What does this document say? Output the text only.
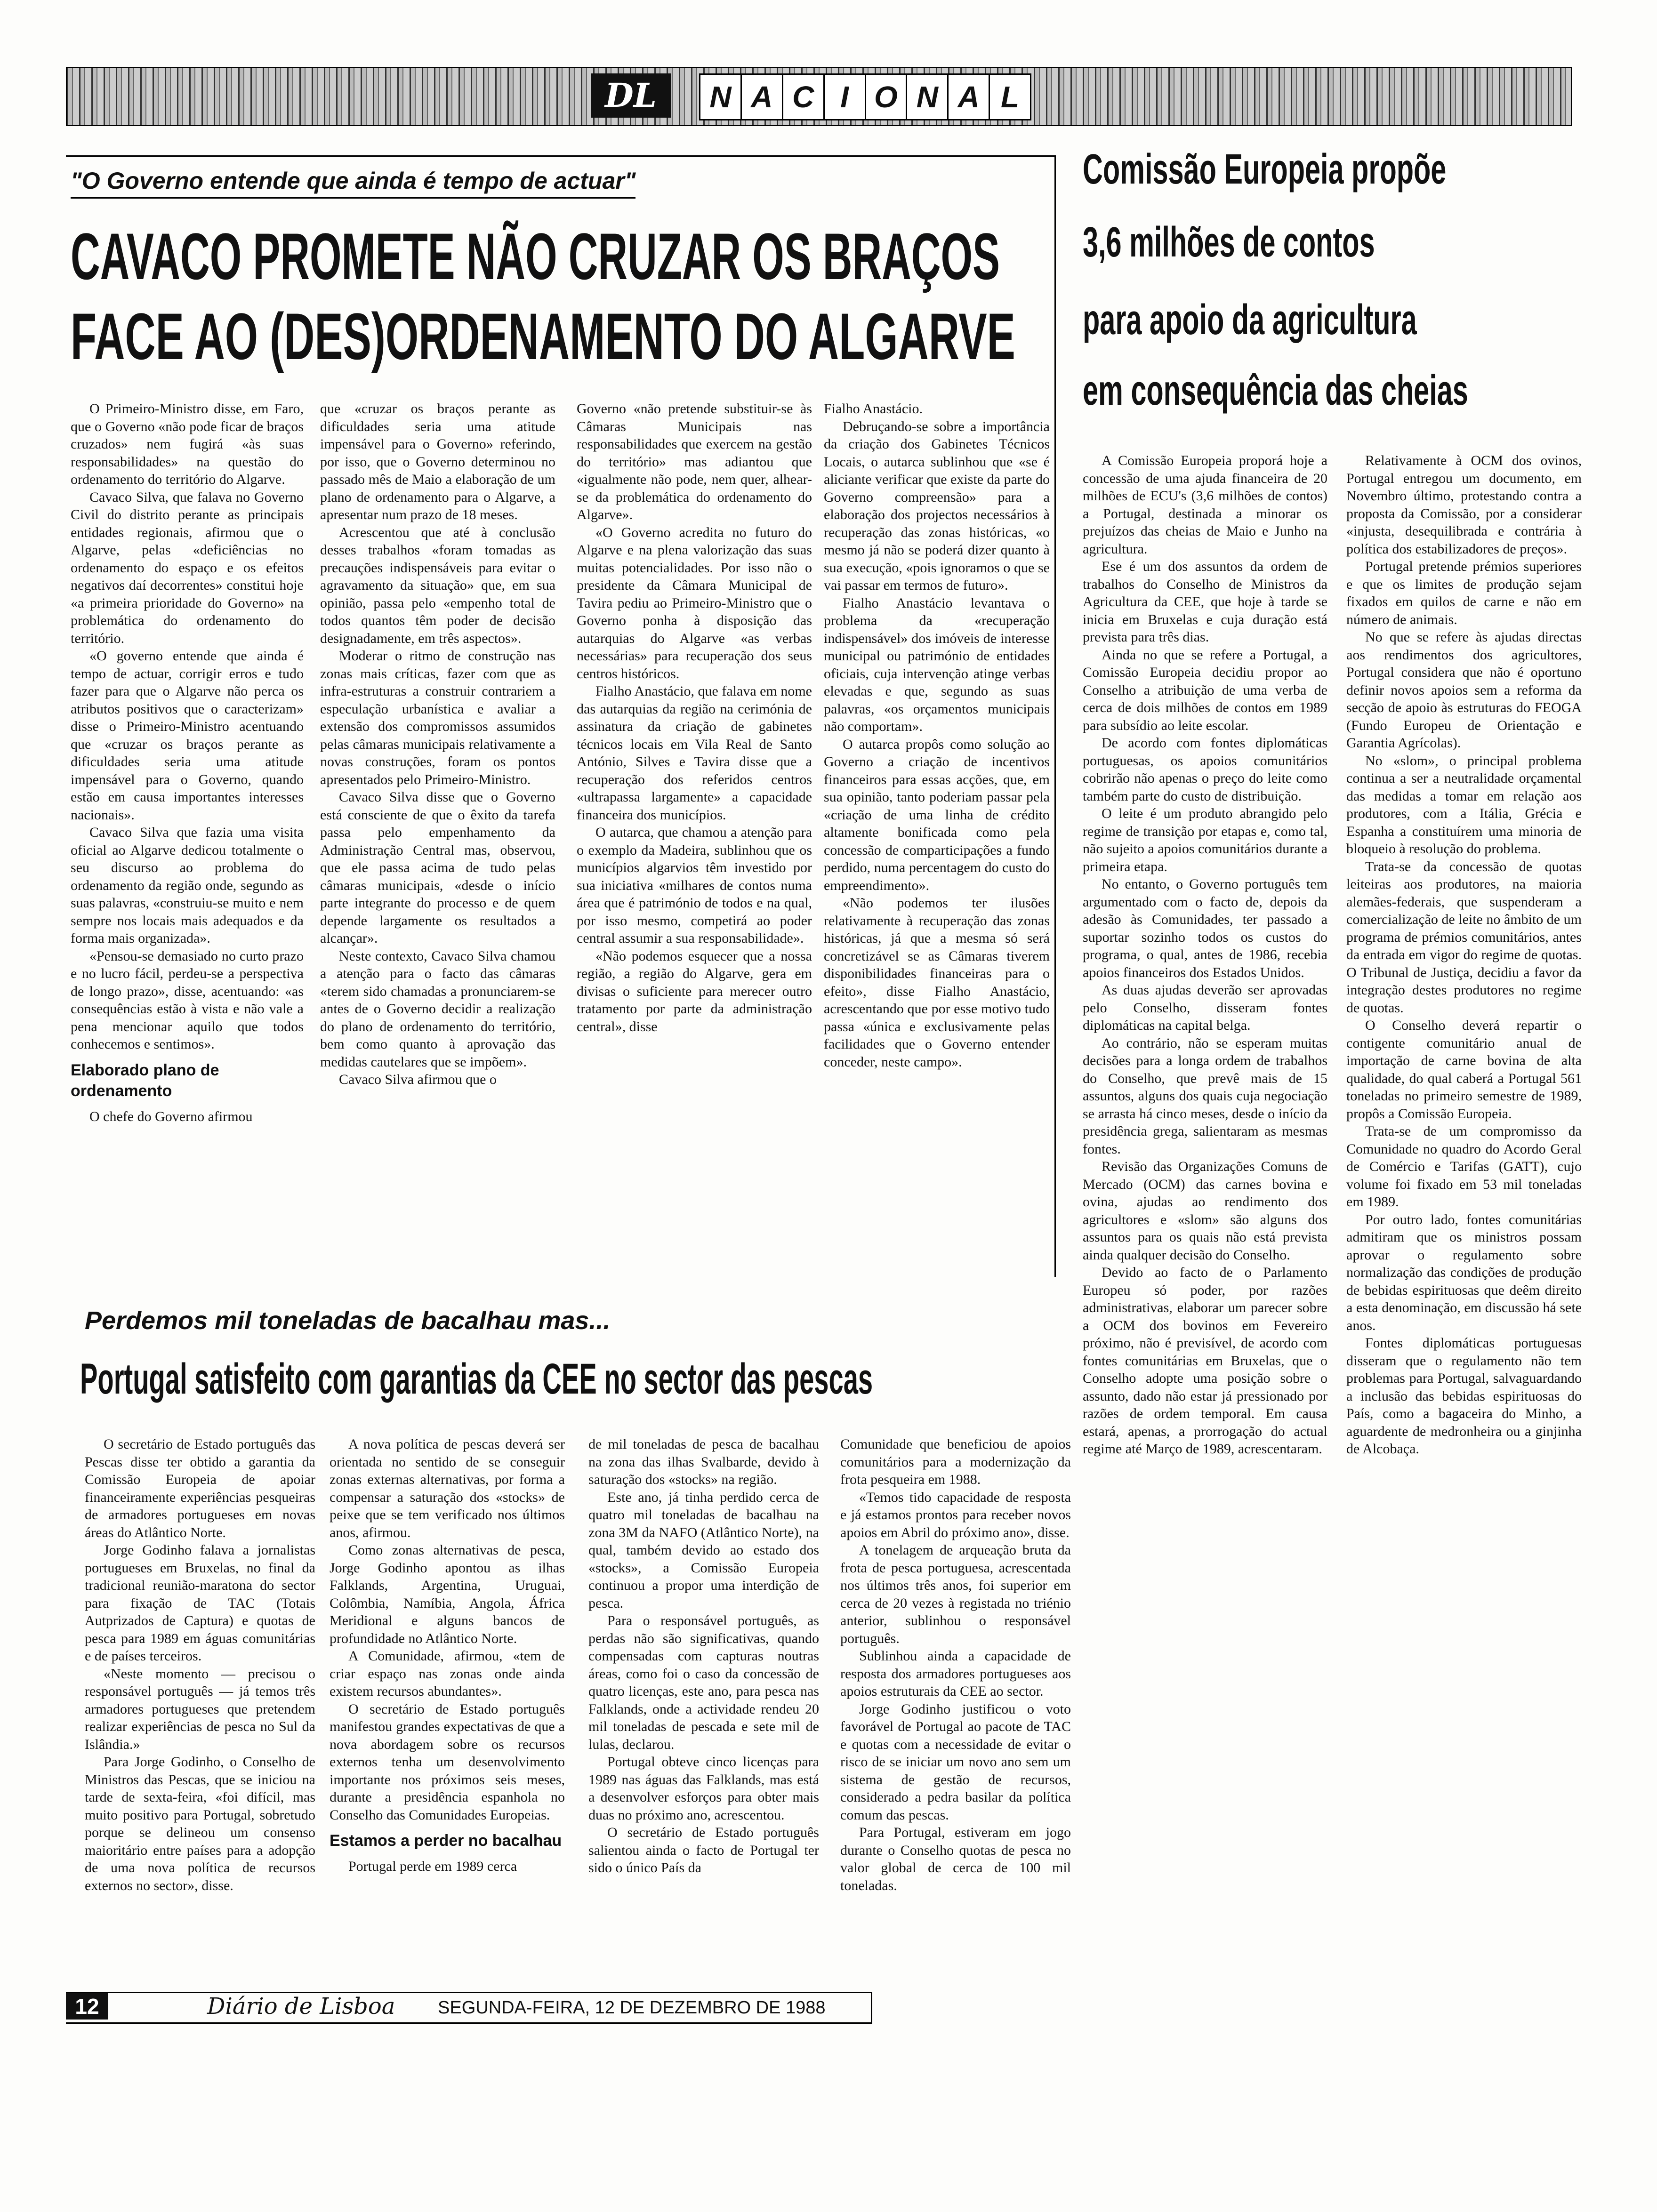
DL	N A C I O N A L
"O Governo entende que ainda é tempo de actuar"
CAVACO PROMETE NÃO CRUZAR OS BRAÇOS
FACE AO (DES)ORDENAMENTO DO ALGARVE

O Primeiro-Ministro disse, em Faro, que o Governo «não pode ficar de braços cruzados» nem fugirá «às suas responsabilidades» na questão do ordenamento do território do Algarve.

Cavaco Silva, que falava no Governo Civil do distrito perante as principais entidades regionais, afirmou que o Algarve, pelas «deficiências no ordenamento do espaço e os efeitos negativos daí decorrentes» constitui hoje «a primeira prioridade do Governo» na problemática do ordenamento do território.

«O governo entende que ainda é tempo de actuar, corrigir erros e tudo fazer para que o Algarve não perca os atributos positivos que o caracterizam» disse o Primeiro-Ministro acentuando que «cruzar os braços perante as dificuldades seria uma atitude impensável para o Governo, quando estão em causa importantes interesses nacionais».

Cavaco Silva que fazia uma visita oficial ao Algarve dedicou totalmente o seu discurso ao problema do ordenamento da região onde, segundo as suas palavras, «construiu-se muito e nem sempre nos locais mais adequados e da forma mais organizada».

«Pensou-se demasiado no curto prazo e no lucro fácil, perdeu-se a perspectiva de longo prazo», disse, acentuando: «as consequências estão à vista e não vale a pena mencionar aquilo que todos conhecemos e sentimos».

Elaborado plano de ordenamento

O chefe do Governo afirmou

que «cruzar os braços perante as dificuldades seria uma atitude impensável para o Governo» referindo, por isso, que o Governo determinou no passado mês de Maio a elaboração de um plano de ordenamento para o Algarve, a apresentar num prazo de 18 meses.

Acrescentou que até à conclusão desses trabalhos «foram tomadas as precauções indispensáveis para evitar o agravamento da situação» que, em sua opinião, passa pelo «empenho total de todos quantos têm poder de decisão designadamente, em três aspectos».

Moderar o ritmo de construção nas zonas mais críticas, fazer com que as infra-estruturas a construir contrariem a especulação urbanística e avaliar a extensão dos compromissos assumidos pelas câmaras municipais relativamente a novas construções, foram os pontos apresentados pelo Primeiro-Ministro.

Cavaco Silva disse que o Governo está consciente de que o êxito da tarefa passa pelo empenhamento da Administração Central mas, observou, que ele passa acima de tudo pelas câmaras municipais, «desde o início parte integrante do processo e de quem depende largamente os resultados a alcançar».

Neste contexto, Cavaco Silva chamou a atenção para o facto das câmaras «terem sido chamadas a pronunciarem-se antes de o Governo decidir a realização do plano de ordenamento do território, bem como quanto à aprovação das medidas cautelares que se impõem».

Cavaco Silva afirmou que o

Governo «não pretende substituir-se às Câmaras Municipais nas responsabilidades que exercem na gestão do território» mas adiantou que «igualmente não pode, nem quer, alhear-se da problemática do ordenamento do Algarve».

«O Governo acredita no futuro do Algarve e na plena valorização das suas muitas potencialidades. Por isso não o presidente da Câmara Municipal de Tavira pediu ao Primeiro-Ministro que o Governo ponha à disposição das autarquias do Algarve «as verbas necessárias» para recuperação dos seus centros históricos.

Fialho Anastácio, que falava em nome das autarquias da região na cerimónia de assinatura da criação de gabinetes técnicos locais em Vila Real de Santo António, Silves e Tavira disse que a recuperação dos referidos centros «ultrapassa largamente» a capacidade financeira dos municípios.

O autarca, que chamou a atenção para o exemplo da Madeira, sublinhou que os municípios algarvios têm investido por sua iniciativa «milhares de contos numa área que é património de todos e na qual, por isso mesmo, competirá ao poder central assumir a sua responsabilidade».

«Não podemos esquecer que a nossa região, a região do Algarve, gera em divisas o suficiente para merecer outro tratamento por parte da administração central», disse

Fialho Anastácio.

Debruçando-se sobre a importância da criação dos Gabinetes Técnicos Locais, o autarca sublinhou que «se é aliciante verificar que existe da parte do Governo compreensão» para a elaboração dos projectos necessários à recuperação das zonas históricas, «o mesmo já não se poderá dizer quanto à sua execução, «pois ignoramos o que se vai passar em termos de futuro».

Fialho Anastácio levantava o problema da «recuperação indispensável» dos imóveis de interesse municipal ou património de entidades oficiais, cuja intervenção atinge verbas elevadas e que, segundo as suas palavras, «os orçamentos municipais não comportam».

O autarca propôs como solução ao Governo a criação de incentivos financeiros para essas acções, que, em sua opinião, tanto poderiam passar pela «criação de uma linha de crédito altamente bonificada como pela concessão de comparticipações a fundo perdido, numa percentagem do custo do empreendimento».

«Não podemos ter ilusões relativamente à recuperação das zonas históricas, já que a mesma só será concretizável se as Câmaras tiverem disponibilidades financeiras para o efeito», disse Fialho Anastácio, acrescentando que por esse motivo tudo passa «única e exclusivamente pelas facilidades que o Governo entender conceder, neste campo».

Perdemos mil toneladas de bacalhau mas...
Portugal satisfeito com garantias da CEE no sector das pescas

O secretário de Estado português das Pescas disse ter obtido a garantia da Comissão Europeia de apoiar financeiramente experiências pesqueiras de armadores portugueses em novas áreas do Atlântico Norte.

Jorge Godinho falava a jornalistas portugueses em Bruxelas, no final da tradicional reunião-maratona do sector para fixação de TAC (Totais Autprizados de Captura) e quotas de pesca para 1989 em águas comunitárias e de países terceiros.

«Neste momento — precisou o responsável português — já temos três armadores portugueses que pretendem realizar experiências de pesca no Sul da Islândia.»

Para Jorge Godinho, o Conselho de Ministros das Pescas, que se iniciou na tarde de sexta-feira, «foi difícil, mas muito positivo para Portugal, sobretudo porque se delineou um consenso maioritário entre países para a adopção de uma nova política de recursos externos no sector», disse.

A nova política de pescas deverá ser orientada no sentido de se conseguir zonas externas alternativas, por forma a compensar a saturação dos «stocks» de peixe que se tem verificado nos últimos anos, afirmou.

Como zonas alternativas de pesca, Jorge Godinho apontou as ilhas Falklands, Argentina, Uruguai, Colômbia, Namíbia, Angola, África Meridional e alguns bancos de profundidade no Atlântico Norte.

A Comunidade, afirmou, «tem de criar espaço nas zonas onde ainda existem recursos abundantes».

O secretário de Estado português manifestou grandes expectativas de que a nova abordagem sobre os recursos externos tenha um desenvolvimento importante nos próximos seis meses, durante a presidência espanhola no Conselho das Comunidades Europeias.

Estamos a perder no bacalhau

Portugal perde em 1989 cerca

de mil toneladas de pesca de bacalhau na zona das ilhas Svalbarde, devido à saturação dos «stocks» na região.

Este ano, já tinha perdido cerca de quatro mil toneladas de bacalhau na zona 3M da NAFO (Atlântico Norte), na qual, também devido ao estado dos «stocks», a Comissão Europeia continuou a propor uma interdição de pesca.

Para o responsável português, as perdas não são significativas, quando compensadas com capturas noutras áreas, como foi o caso da concessão de quatro licenças, este ano, para pesca nas Falklands, onde a actividade rendeu 20 mil toneladas de pescada e sete mil de lulas, declarou.

Portugal obteve cinco licenças para 1989 nas águas das Falklands, mas está a desenvolver esforços para obter mais duas no próximo ano, acrescentou.

O secretário de Estado português salientou ainda o facto de Portugal ter sido o único País da

Comunidade que beneficiou de apoios comunitários para a modernização da frota pesqueira em 1988.

«Temos tido capacidade de resposta e já estamos prontos para receber novos apoios em Abril do próximo ano», disse.

A tonelagem de arqueação bruta da frota de pesca portuguesa, acrescentada nos últimos três anos, foi superior em cerca de 20 vezes à registada no triénio anterior, sublinhou o responsável português.

Sublinhou ainda a capacidade de resposta dos armadores portugueses aos apoios estruturais da CEE ao sector.

Jorge Godinho justificou o voto favorável de Portugal ao pacote de TAC e quotas com a necessidade de evitar o risco de se iniciar um novo ano sem um sistema de gestão de recursos, considerado a pedra basilar da política comum das pescas.

Para Portugal, estiveram em jogo durante o Conselho quotas de pesca no valor global de cerca de 100 mil toneladas.

Comissão Europeia propõe
3,6 milhões de contos
para apoio da agricultura
em consequência das cheias

A Comissão Europeia proporá hoje a concessão de uma ajuda financeira de 20 milhões de ECU's (3,6 milhões de contos) a Portugal, destinada a minorar os prejuízos das cheias de Maio e Junho na agricultura.

Ese é um dos assuntos da ordem de trabalhos do Conselho de Ministros da Agricultura da CEE, que hoje à tarde se inicia em Bruxelas e cuja duração está prevista para três dias.

Ainda no que se refere a Portugal, a Comissão Europeia decidiu propor ao Conselho a atribuição de uma verba de cerca de dois milhões de contos em 1989 para subsídio ao leite escolar.

De acordo com fontes diplomáticas portuguesas, os apoios comunitários cobrirão não apenas o preço do leite como também parte do custo de distribuição.

O leite é um produto abrangido pelo regime de transição por etapas e, como tal, não sujeito a apoios comunitários durante a primeira etapa.

No entanto, o Governo português tem argumentado com o facto de, depois da adesão às Comunidades, ter passado a suportar sozinho todos os custos do programa, o qual, antes de 1986, recebia apoios financeiros dos Estados Unidos.

As duas ajudas deverão ser aprovadas pelo Conselho, disseram fontes diplomáticas na capital belga.

Ao contrário, não se esperam muitas decisões para a longa ordem de trabalhos do Conselho, que prevê mais de 15 assuntos, alguns dos quais cuja negociação se arrasta há cinco meses, desde o início da presidência grega, salientaram as mesmas fontes.

Revisão das Organizações Comuns de Mercado (OCM) das carnes bovina e ovina, ajudas ao rendimento dos agricultores e «slom» são alguns dos assuntos para os quais não está prevista ainda qualquer decisão do Conselho.

Devido ao facto de o Parlamento Europeu só poder, por razões administrativas, elaborar um parecer sobre a OCM dos bovinos em Fevereiro próximo, não é previsível, de acordo com fontes comunitárias em Bruxelas, que o Conselho adopte uma posição sobre o assunto, dado não estar já pressionado por razões de ordem temporal. Em causa estará, apenas, a prorrogação do actual regime até Março de 1989, acrescentaram.

Relativamente à OCM dos ovinos, Portugal entregou um documento, em Novembro último, protestando contra a proposta da Comissão, por a considerar «injusta, desequilibrada e contrária à política dos estabilizadores de preços».

Portugal pretende prémios superiores e que os limites de produção sejam fixados em quilos de carne e não em número de animais.

No que se refere às ajudas directas aos rendimentos dos agricultores, Portugal considera que não é oportuno definir novos apoios sem a reforma da secção de apoio às estruturas do FEOGA (Fundo Europeu de Orientação e Garantia Agrícolas).

No «slom», o principal problema continua a ser a neutralidade orçamental das medidas a tomar em relação aos produtores, com a Itália, Grécia e Espanha a constituírem uma minoria de bloqueio à resolução do problema.

Trata-se da concessão de quotas leiteiras aos produtores, na maioria alemães-federais, que suspenderam a comercialização de leite no âmbito de um programa de prémios comunitários, antes da entrada em vigor do regime de quotas. O Tribunal de Justiça, decidiu a favor da integração destes produtores no regime de quotas.

O Conselho deverá repartir o contigente comunitário anual de importação de carne bovina de alta qualidade, do qual caberá a Portugal 561 toneladas no primeiro semestre de 1989, propôs a Comissão Europeia.

Trata-se de um compromisso da Comunidade no quadro do Acordo Geral de Comércio e Tarifas (GATT), cujo volume foi fixado em 53 mil toneladas em 1989.

Por outro lado, fontes comunitárias admitiram que os ministros possam aprovar o regulamento sobre normalização das condições de produção de bebidas espirituosas que deêm direito a esta denominação, em discussão há sete anos.

Fontes diplomáticas portuguesas disseram que o regulamento não tem problemas para Portugal, salvaguardando a inclusão das bebidas espirituosas do País, como a bagaceira do Minho, a aguardente de medronheira ou a ginjinha de Alcobaça.

12	Diário de Lisboa SEGUNDA-FEIRA, 12 DE DEZEMBRO DE 1988
